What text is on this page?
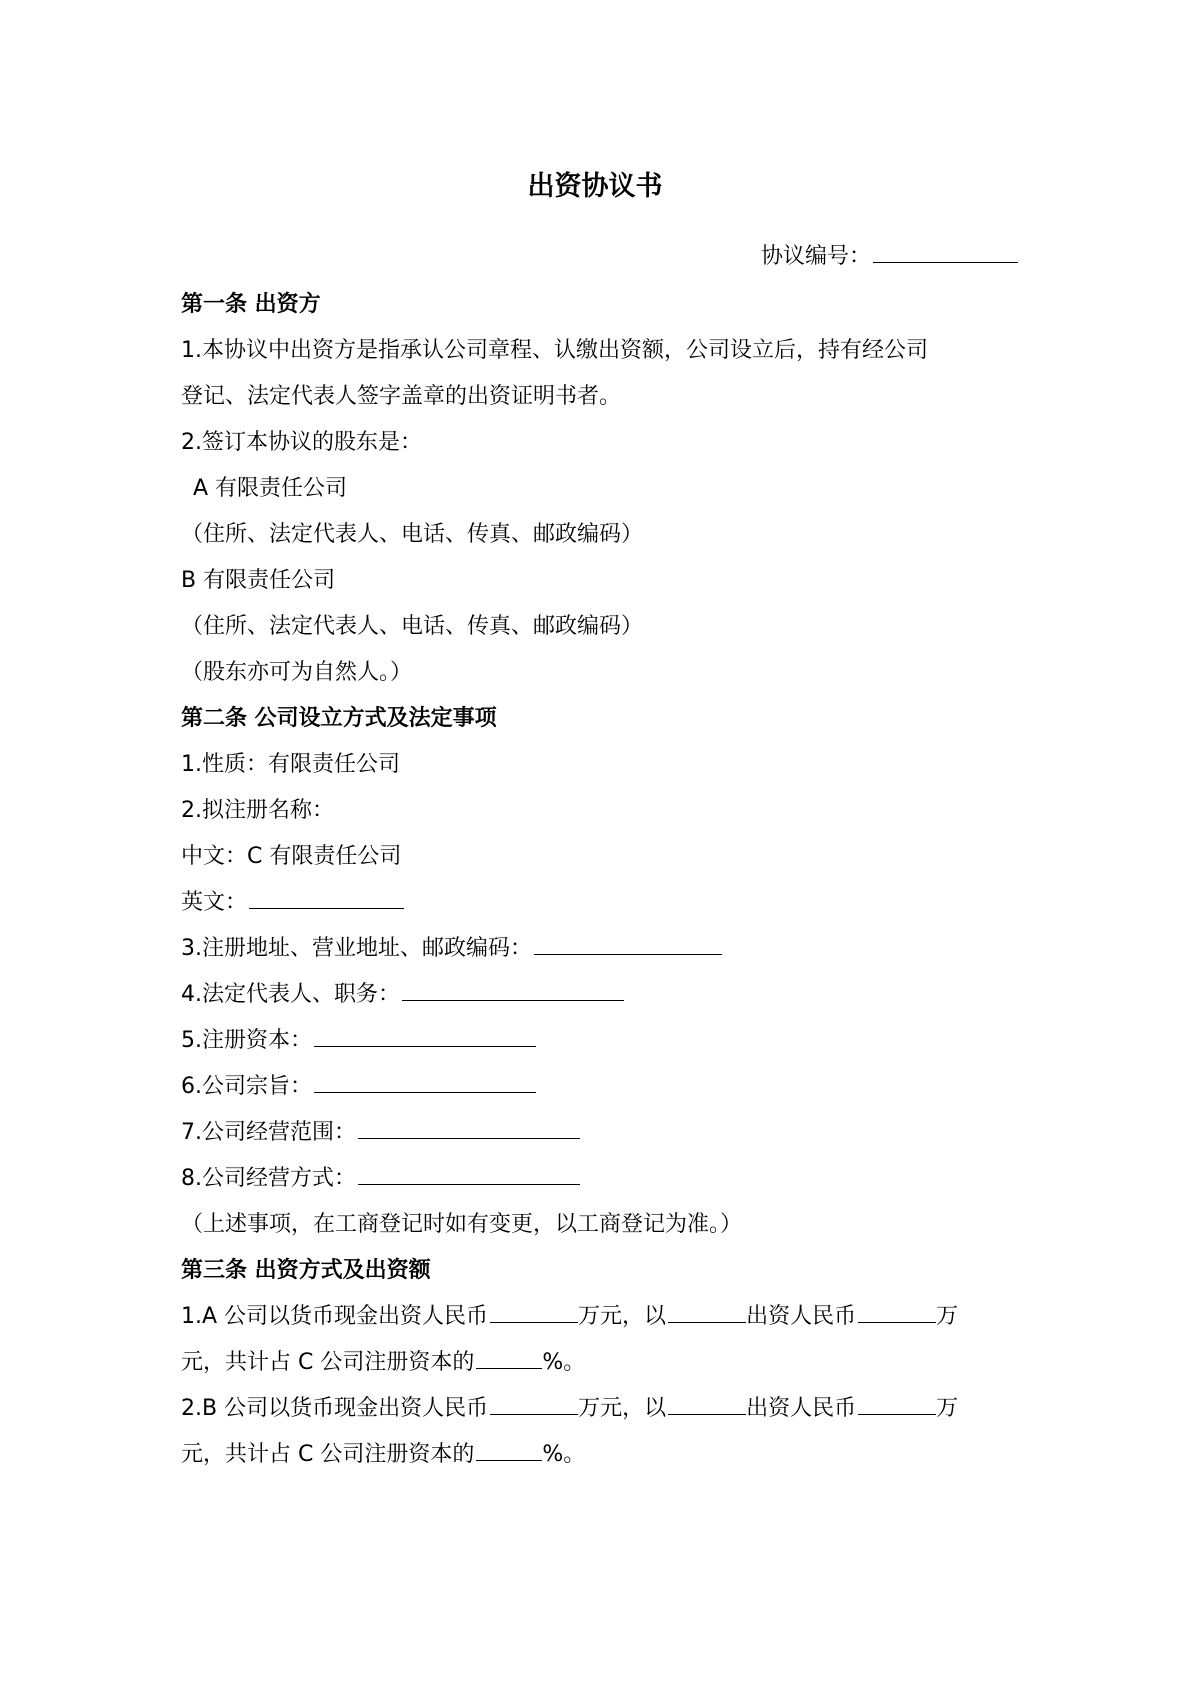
出资协议书
协议编号：
第一条 出资方
1.本协议中出资方是指承认公司章程、认缴出资额，公司设立后，持有经公司
登记、法定代表人签字盖章的出资证明书者。
2.签订本协议的股东是：
A 有限责任公司
（住所、法定代表人、电话、传真、邮政编码）
B 有限责任公司
（住所、法定代表人、电话、传真、邮政编码）
（股东亦可为自然人。）
第二条 公司设立方式及法定事项
1.性质：有限责任公司
2.拟注册名称：
中文：C 有限责任公司
英文：
3.注册地址、营业地址、邮政编码：
4.法定代表人、职务：
5.注册资本：
6.公司宗旨：
7.公司经营范围：
8.公司经营方式：
（上述事项，在工商登记时如有变更，以工商登记为准。）
第三条 出资方式及出资额
1.A 公司以货币现金出资人民币	万元，以	出资人民币	万
元，共计占 C 公司注册资本的	%。
2.B 公司以货币现金出资人民币	万元，以	出资人民币	万
元，共计占 C 公司注册资本的	%。
